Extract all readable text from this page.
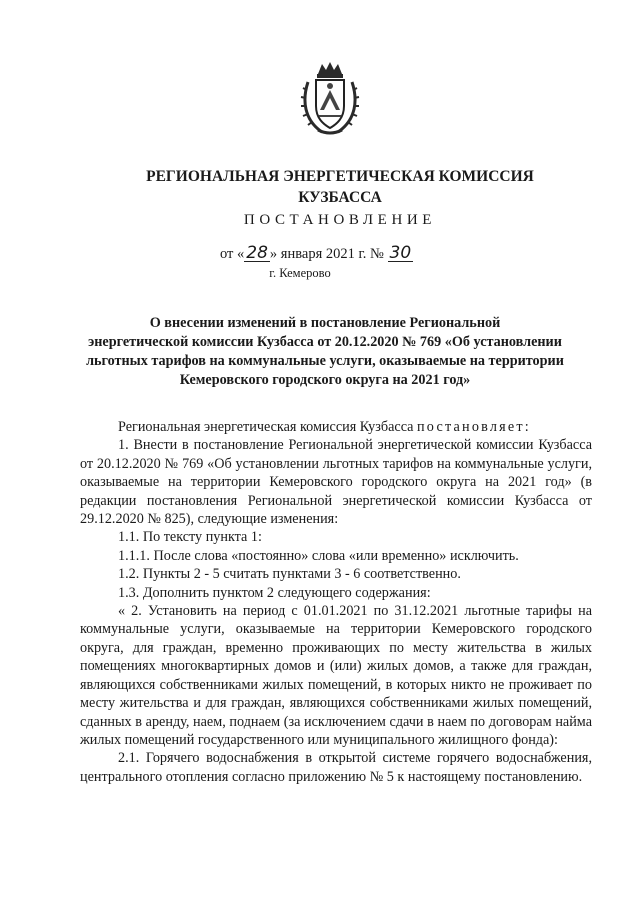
РЕГИОНАЛЬНАЯ ЭНЕРГЕТИЧЕСКАЯ КОМИССИЯ
КУЗБАССА
ПОСТАНОВЛЕНИЕ
от « 28 » января 2021 г. № 30
г. Кемерово
О внесении изменений в постановление Региональной
энергетической комиссии Кузбасса от 20.12.2020 № 769 «Об установлении
льготных тарифов на коммунальные услуги, оказываемые на территории
Кемеровского городского округа на 2021 год»

Региональная энергетическая комиссия Кузбасса постановляет:

1. Внести в постановление Региональной энергетической комиссии Кузбасса от 20.12.2020 № 769 «Об установлении льготных тарифов на коммунальные услуги, оказываемые на территории Кемеровского городского округа на 2021 год» (в редакции постановления Региональной энергетической комиссии Кузбасса от 29.12.2020 № 825), следующие изменения:

1.1. По тексту пункта 1:

1.1.1. После слова «постоянно» слова «или временно» исключить.

1.2. Пункты 2 - 5 считать пунктами 3 - 6 соответственно.

1.3. Дополнить пунктом 2 следующего содержания:

« 2. Установить на период с 01.01.2021 по 31.12.2021 льготные тарифы на коммунальные услуги, оказываемые на территории Кемеровского городского округа, для граждан, временно проживающих по месту жительства в жилых помещениях многоквартирных домов и (или) жилых домов, а также для граждан, являющихся собственниками жилых помещений, в которых никто не проживает по месту жительства и для граждан, являющихся собственниками жилых помещений, сданных в аренду, наем, поднаем (за исключением сдачи в наем по договорам найма жилых помещений государственного или муниципального жилищного фонда):

2.1. Горячего водоснабжения в открытой системе горячего водоснабжения, центрального отопления согласно приложению № 5 к настоящему постановлению.
